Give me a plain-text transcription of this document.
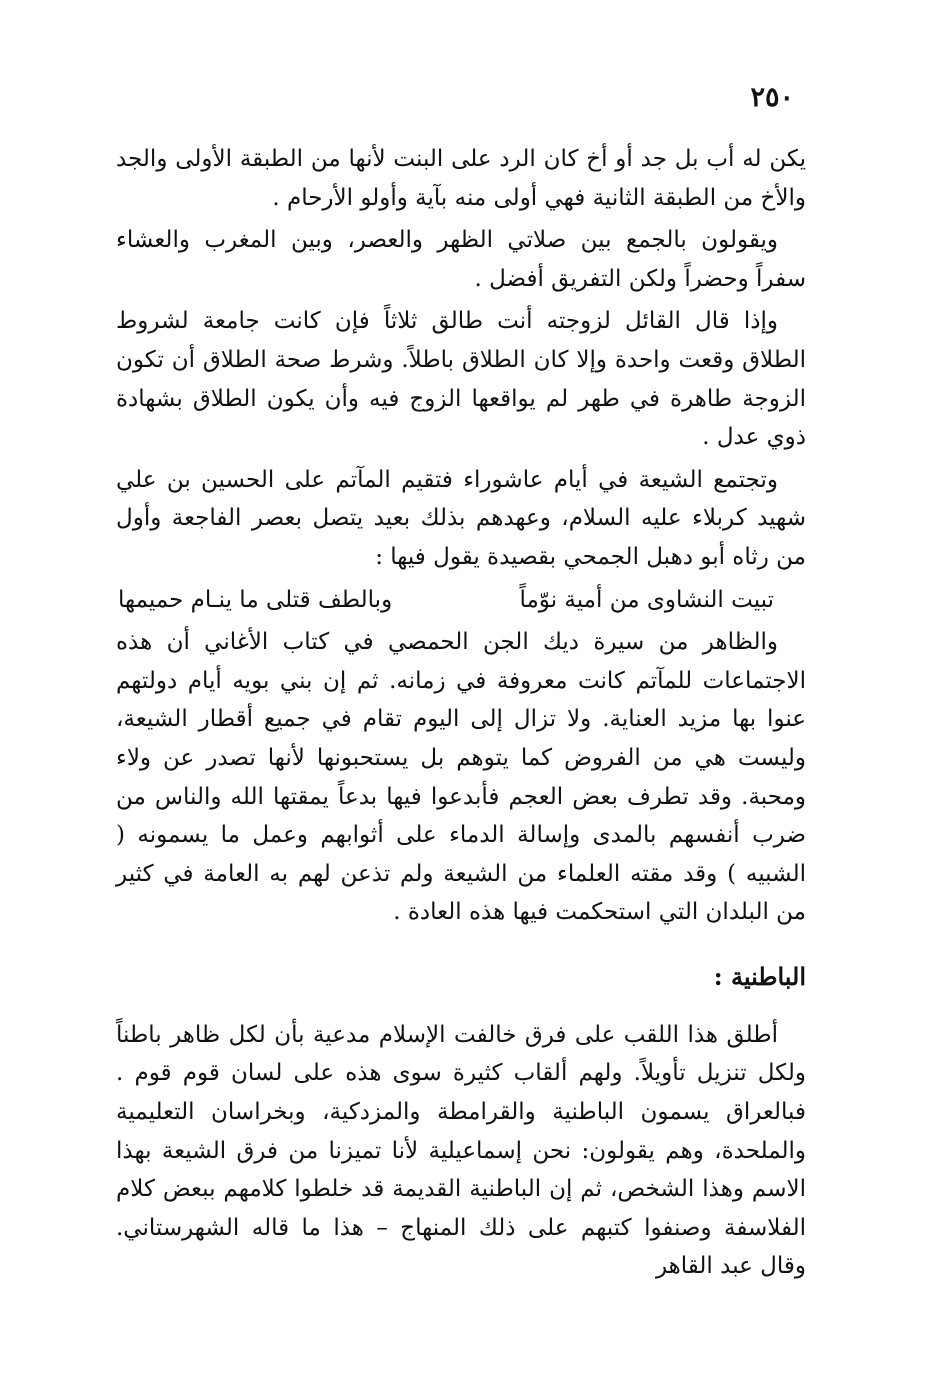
٢٥٠

يكن له أب بل جد أو أخ كان الرد على البنت لأنها من الطبقة الأولى والجد والأخ من الطبقة الثانية فهي أولى منه بآية وأولو الأرحام .

ويقولون بالجمع بين صلاتي الظهر والعصر، وبين المغرب والعشاء سفراً وحضراً ولكن التفريق أفضل .

وإذا قال القائل لزوجته أنت طالق ثلاثاً فإن كانت جامعة لشروط الطلاق وقعت واحدة وإلا كان الطلاق باطلاً. وشرط صحة الطلاق أن تكون الزوجة طاهرة في طهر لم يواقعها الزوج فيه وأن يكون الطلاق بشهادة ذوي عدل .

وتجتمع الشيعة في أيام عاشوراء فتقيم المآتم على الحسين بن علي شهيد كربلاء عليه السلام، وعهدهم بذلك بعيد يتصل بعصر الفاجعة وأول من رثاه أبو دهبل الجمحي بقصيدة يقول فيها :

تبيت النشاوى من أمية نوّماً
وبالطف قتلى ما ينـام حميمها

والظاهر من سيرة ديك الجن الحمصي في كتاب الأغاني أن هذه الاجتماعات للمآتم كانت معروفة في زمانه. ثم إن بني بويه أيام دولتهم عنوا بها مزيد العناية. ولا تزال إلى اليوم تقام في جميع أقطار الشيعة، وليست هي من الفروض كما يتوهم بل يستحبونها لأنها تصدر عن ولاء ومحبة. وقد تطرف بعض العجم فأبدعوا فيها بدعاً يمقتها الله والناس من ضرب أنفسهم بالمدى وإسالة الدماء على أثوابهم وعمل ما يسمونه ( الشبيه ) وقد مقته العلماء من الشيعة ولم تذعن لهم به العامة في كثير من البلدان التي استحكمت فيها هذه العادة .

الباطنية :

أطلق هذا اللقب على فرق خالفت الإسلام مدعية بأن لكل ظاهر باطناً ولكل تنزيل تأويلاً. ولهم ألقاب كثيرة سوى هذه على لسان قوم قوم . فبالعراق يسمون الباطنية والقرامطة والمزدكية، وبخراسان التعليمية والملحدة، وهم يقولون: نحن إسماعيلية لأنا تميزنا من فرق الشيعة بهذا الاسم وهذا الشخص، ثم إن الباطنية القديمة قد خلطوا كلامهم ببعض كلام الفلاسفة وصنفوا كتبهم على ذلك المنهاج – هذا ما قاله الشهرستاني. وقال عبد القاهر
